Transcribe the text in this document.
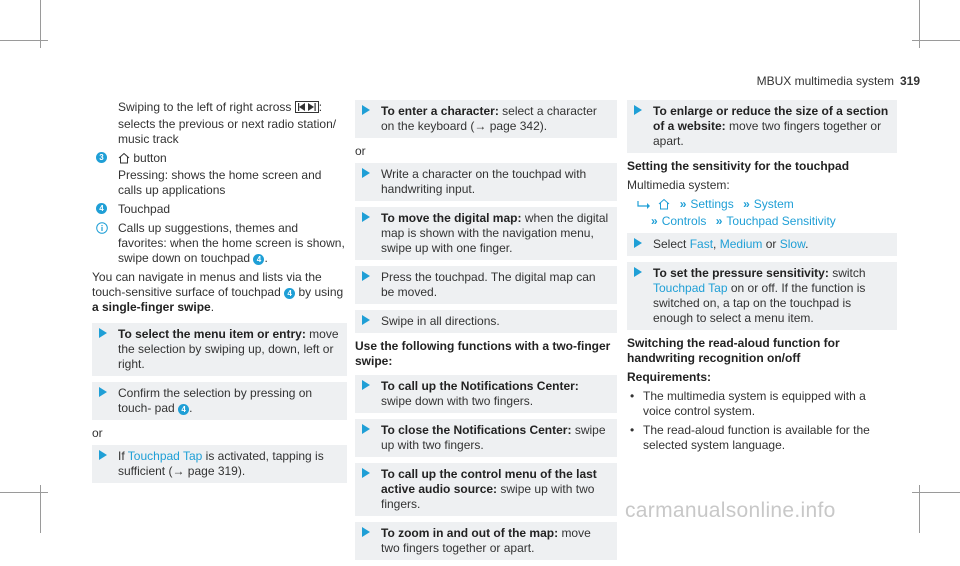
MBUX multimedia system 319
Swiping to the left of right across : selects the previous or next radio station/ music track
3 button
Pressing: shows the home screen and calls up applications
4 Touchpad
Calls up suggestions, themes and favorites: when the home screen is shown, swipe down on touchpad 4 .
You can navigate in menus and lists via the touch-sensitive surface of touchpad 4 by using a single-finger swipe.
To select the menu item or entry: move the selection by swiping up, down, left or right.
Confirm the selection by pressing on touch- pad 4 .
or
If Touchpad Tap is activated, tapping is sufficient (→ page 319).
To enter a character: select a character on the keyboard (→ page 342).
or
Write a character on the touchpad with handwriting input.
To move the digital map: when the digital map is shown with the navigation menu, swipe up with one finger.
Press the touchpad. The digital map can be moved.
Swipe in all directions.
Use the following functions with a two-finger swipe:
To call up the Notifications Center: swipe down with two fingers.
To close the Notifications Center: swipe up with two fingers.
To call up the control menu of the last active audio source: swipe up with two fingers.
To zoom in and out of the map: move two fingers together or apart.
To enlarge or reduce the size of a section of a website: move two fingers together or apart.
Setting the sensitivity for the touchpad
Multimedia system:
» Settings » System
» Controls » Touchpad Sensitivity
Select Fast, Medium or Slow.
To set the pressure sensitivity: switch Touchpad Tap on or off. If the function is switched on, a tap on the touchpad is enough to select a menu item.
Switching the read-aloud function for handwriting recognition on/off
Requirements:
• The multimedia system is equipped with a voice control system.
• The read-aloud function is available for the selected system language.
carmanualsonline.info
